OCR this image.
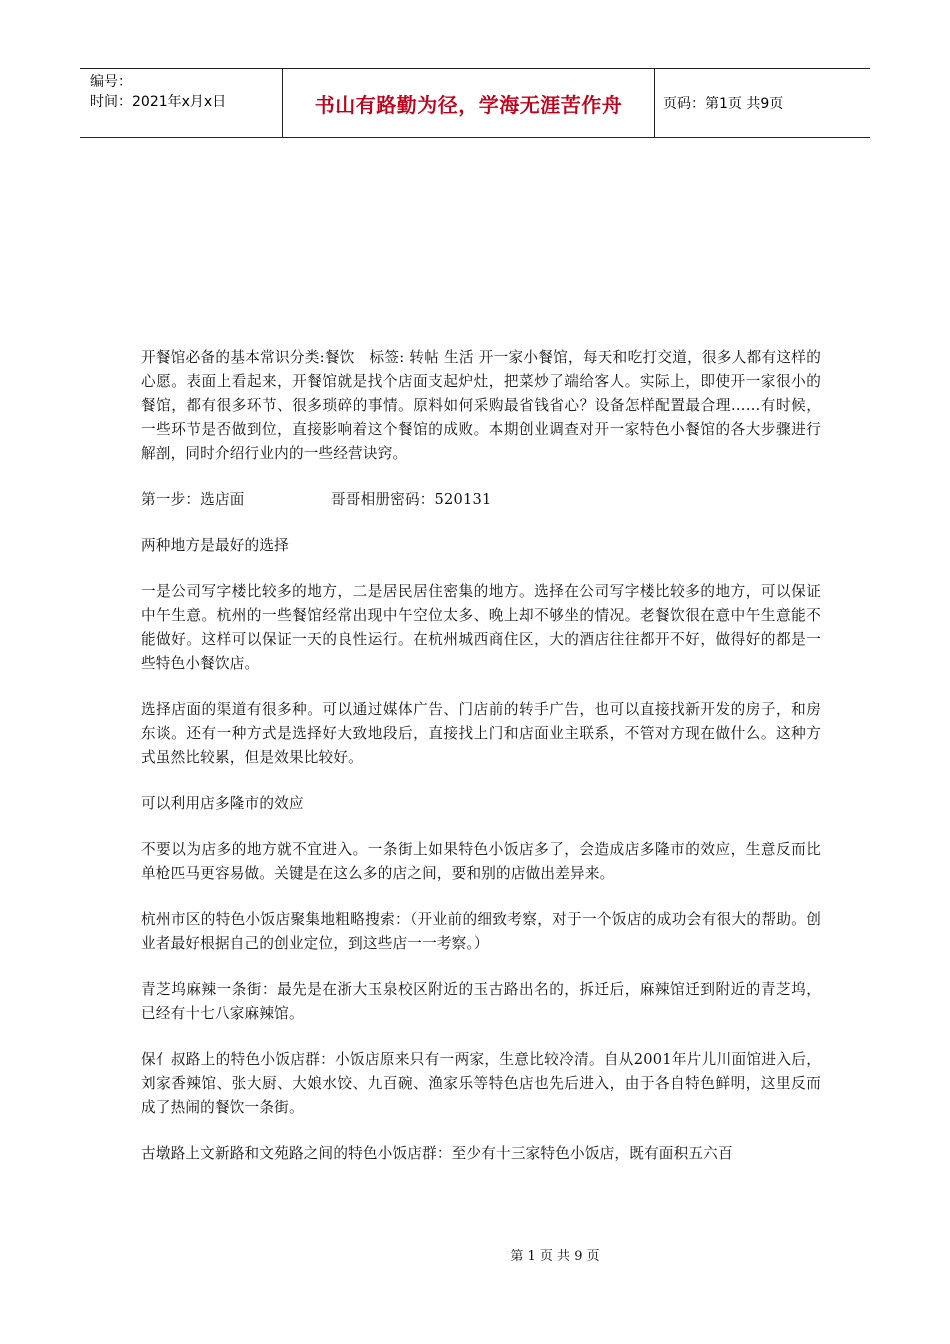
编号：
时间：2021年x月x日	书山有路勤为径，学海无涯苦作舟	页码：第1页 共9页

开餐馆必备的基本常识分类:餐饮　标签: 转帖 生活 开一家小餐馆，每天和吃打交道，很多人都有这样的心愿。表面上看起来，开餐馆就是找个店面支起炉灶，把菜炒了端给客人。实际上，即使开一家很小的餐馆，都有很多环节、很多琐碎的事情。原料如何采购最省钱省心？设备怎样配置最合理……有时候，一些环节是否做到位，直接影响着这个餐馆的成败。本期创业调查对开一家特色小餐馆的各大步骤进行解剖，同时介绍行业内的一些经营诀窍。

第一步：选店面	哥哥相册密码：520131

两种地方是最好的选择

一是公司写字楼比较多的地方，二是居民居住密集的地方。选择在公司写字楼比较多的地方，可以保证中午生意。杭州的一些餐馆经常出现中午空位太多、晚上却不够坐的情况。老餐饮很在意中午生意能不能做好。这样可以保证一天的良性运行。在杭州城西商住区，大的酒店往往都开不好，做得好的都是一些特色小餐饮店。

选择店面的渠道有很多种。可以通过媒体广告、门店前的转手广告，也可以直接找新开发的房子，和房东谈。还有一种方式是选择好大致地段后，直接找上门和店面业主联系，不管对方现在做什么。这种方式虽然比较累，但是效果比较好。

可以利用店多隆市的效应

不要以为店多的地方就不宜进入。一条街上如果特色小饭店多了，会造成店多隆市的效应，生意反而比单枪匹马更容易做。关键是在这么多的店之间，要和别的店做出差异来。

杭州市区的特色小饭店聚集地粗略搜索：（开业前的细致考察，对于一个饭店的成功会有很大的帮助。创业者最好根据自己的创业定位，到这些店一一考察。）

青芝坞麻辣一条街：最先是在浙大玉泉校区附近的玉古路出名的，拆迁后，麻辣馆迁到附近的青芝坞，已经有十七八家麻辣馆。

保亻叔路上的特色小饭店群：小饭店原来只有一两家，生意比较冷清。自从2001年片儿川面馆进入后，刘家香辣馆、张大厨、大娘水饺、九百碗、渔家乐等特色店也先后进入，由于各自特色鲜明，这里反而成了热闹的餐饮一条街。

古墩路上文新路和文苑路之间的特色小饭店群：至少有十三家特色小饭店，既有面积五六百

第 1 页 共 9 页
